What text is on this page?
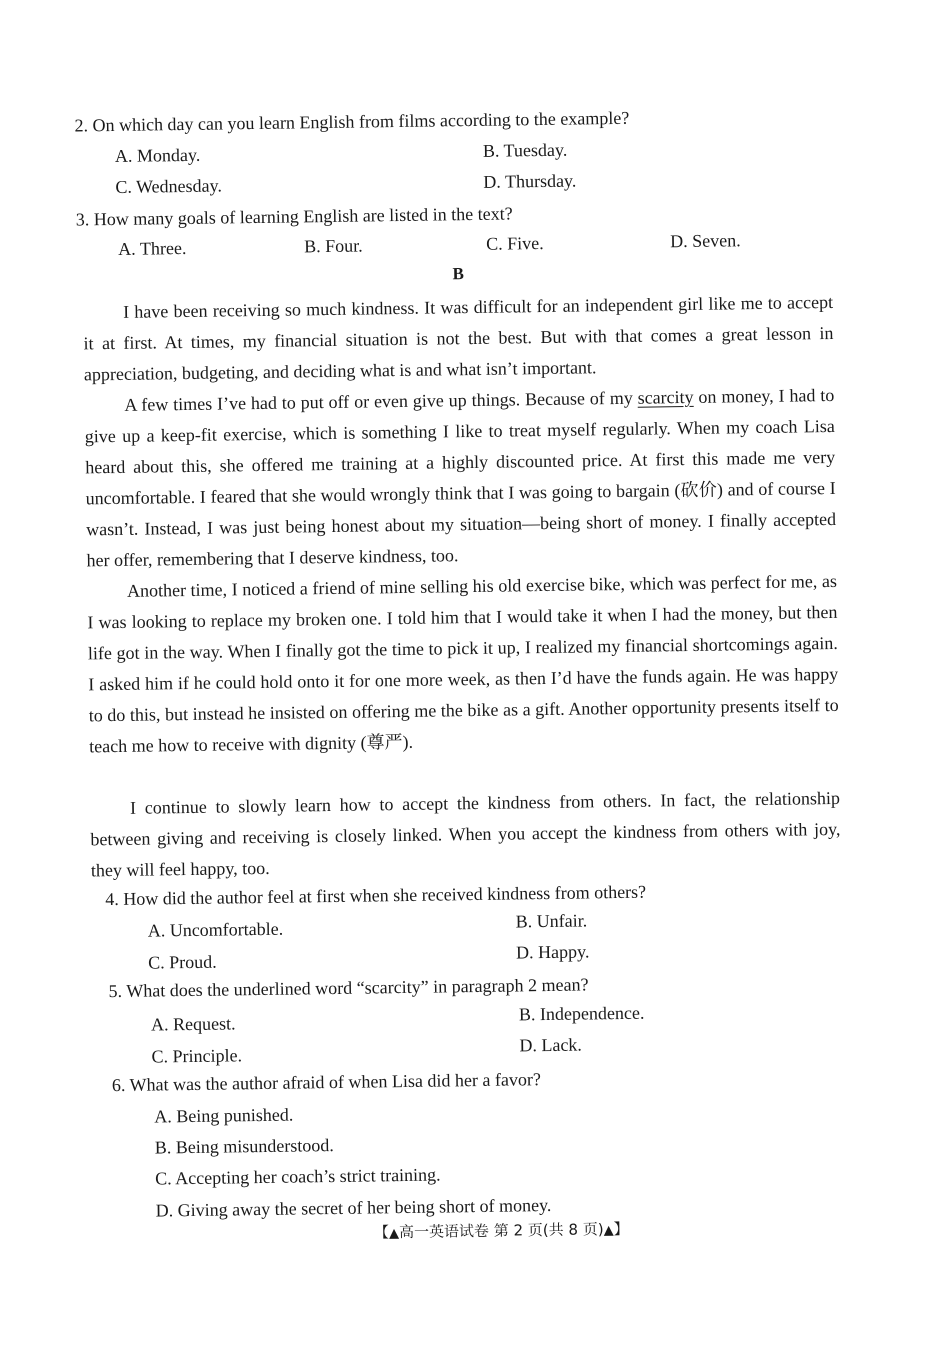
2. On which day can you learn English from films according to the example?
A. Monday.	B. Tuesday.
C. Wednesday.	D. Thursday.
3. How many goals of learning English are listed in the text?
A. Three.	B. Four.	C. Five.	D. Seven.
B
I have been receiving so much kindness. It was difficult for an independent girl like me to accept it at first. At times, my financial situation is not the best. But with that comes a great lesson in appreciation, budgeting, and deciding what is and what isn’t important.
A few times I’ve had to put off or even give up things. Because of my scarcity on money, I had to give up a keep-fit exercise, which is something I like to treat myself regularly. When my coach Lisa heard about this, she offered me training at a highly discounted price. At first this made me very uncomfortable. I feared that she would wrongly think that I was going to bargain (砍价) and of course I wasn’t. Instead, I was just being honest about my situation—being short of money. I finally accepted her offer, remembering that I deserve kindness, too.
Another time, I noticed a friend of mine selling his old exercise bike, which was perfect for me, as I was looking to replace my broken one. I told him that I would take it when I had the money, but then life got in the way. When I finally got the time to pick it up, I realized my financial shortcomings again. I asked him if he could hold onto it for one more week, as then I’d have the funds again. He was happy to do this, but instead he insisted on offering me the bike as a gift. Another opportunity presents itself to teach me how to receive with dignity (尊严).
I continue to slowly learn how to accept the kindness from others. In fact, the relationship between giving and receiving is closely linked. When you accept the kindness from others with joy, they will feel happy, too.
4. How did the author feel at first when she received kindness from others?
A. Uncomfortable.	B. Unfair.
C. Proud.	D. Happy.
5. What does the underlined word “scarcity” in paragraph 2 mean?
A. Request.	B. Independence.
C. Principle.
D. Lack.
6. What was the author afraid of when Lisa did her a favor?
A. Being punished.
B. Being misunderstood.
C. Accepting her coach’s strict training.
D. Giving away the secret of her being short of money.
【▲高一英语试卷 第 2 页(共 8 页)▲】
